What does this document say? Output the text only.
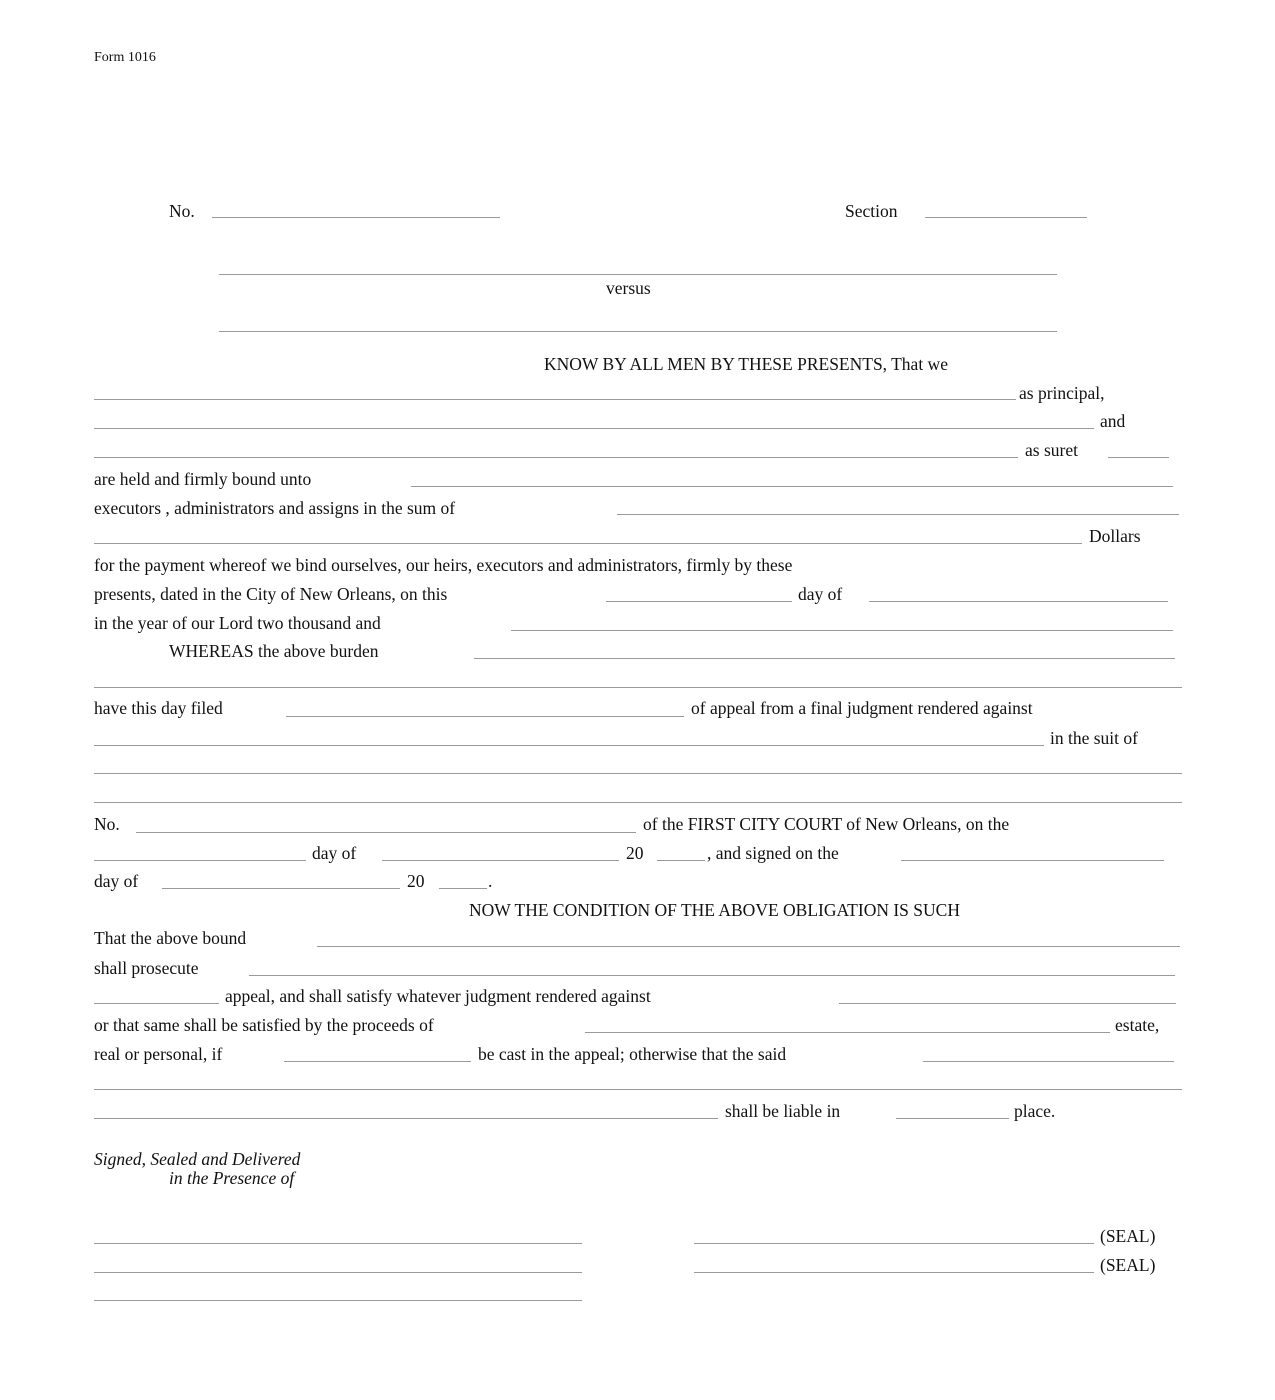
Form 1016
No.	Section
versus
KNOW BY ALL MEN BY THESE PRESENTS, That we
as principal,
and
as suret
are held and firmly bound unto
executors , administrators and assigns in the sum of
Dollars
for the payment whereof we bind ourselves, our heirs, executors and administrators, firmly by these
presents, dated in the City of New Orleans, on this	day of
in the year of our Lord two thousand and
WHEREAS the above burden
have this day filed	of appeal from a final judgment rendered against
in the suit of
No.	of the FIRST CITY COURT of New Orleans, on the
day of	20	, and signed on the
day of	20	.
NOW THE CONDITION OF THE ABOVE OBLIGATION IS SUCH
That the above bound
shall prosecute
appeal, and shall satisfy whatever judgment rendered against
or that same shall be satisfied by the proceeds of	estate,
real or personal, if	be cast in the appeal; otherwise that the said
shall be liable in	place.
Signed, Sealed and Delivered
in the Presence of
(SEAL)
(SEAL)
